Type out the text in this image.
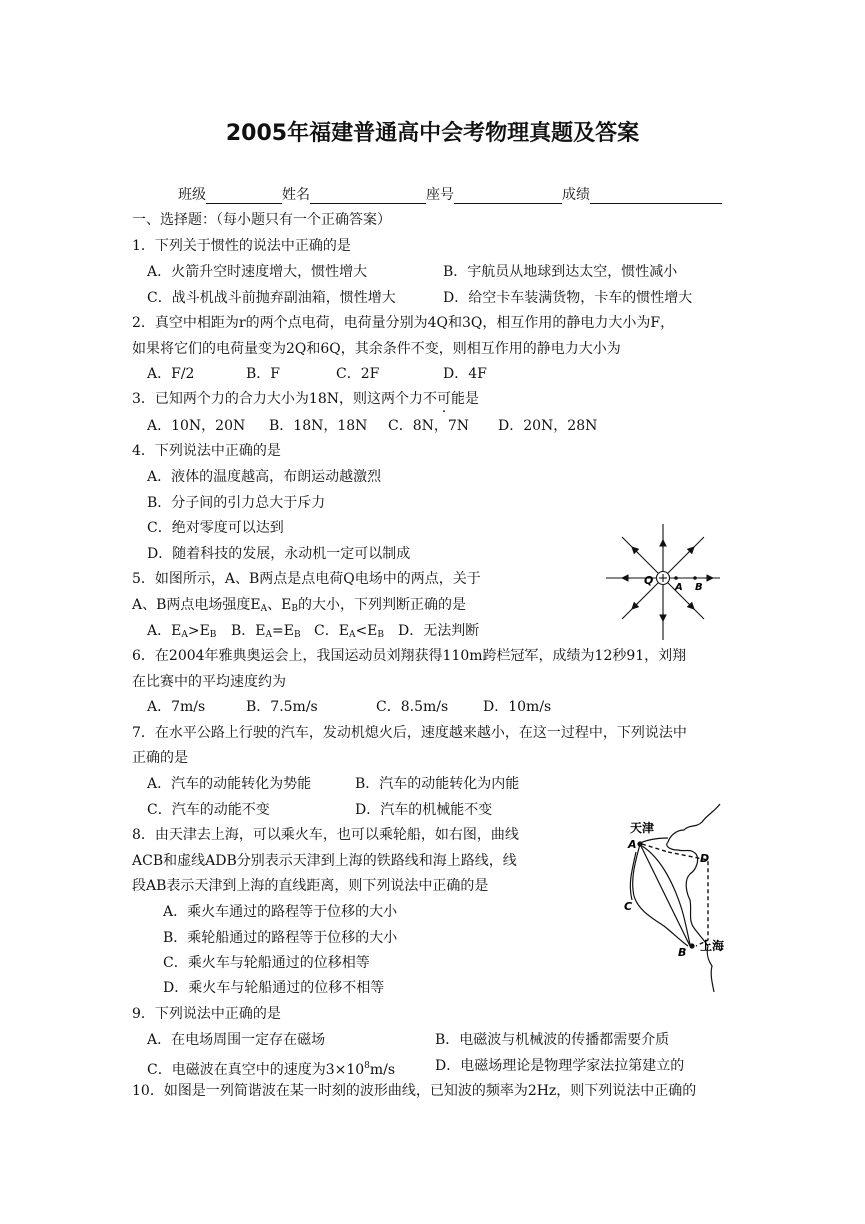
2005年福建普通高中会考物理真题及答案
班级	姓名	座号	成绩
一、选择题：（每小题只有一个正确答案）
1．下列关于惯性的说法中正确的是
A．火箭升空时速度增大，惯性增大	B．宇航员从地球到达太空，惯性减小
C．战斗机战斗前抛弃副油箱，惯性增大	D．给空卡车装满货物，卡车的惯性增大
2．真空中相距为r的两个点电荷，电荷量分别为4Q和3Q，相互作用的静电力大小为F，
如果将它们的电荷量变为2Q和6Q，其余条件不变，则相互作用的静电力大小为
A．F/2	B．F	C．2F	D．4F
3．已知两个力的合力大小为18N，则这两个力不可能是
A．10N，20N B．18N，18N C．8N，7N D．20N，28N
4．下列说法中正确的是
A．液体的温度越高，布朗运动越激烈
B．分子间的引力总大于斥力
C．绝对零度可以达到
D．随着科技的发展，永动机一定可以制成
5．如图所示，A、B两点是点电荷Q电场中的两点，关于
A、B两点电场强度$E_A$、$E_B$的大小，下列判断正确的是
A．$E_A>E_B$ B．$E_A=E_B$ C．$E_A<E_B$ D．无法判断
Q
A B
6．在2004年雅典奥运会上，我国运动员刘翔获得110m跨栏冠军，成绩为12秒91，刘翔
在比赛中的平均速度约为
A．7m/s	B．7.5m/s	C．8.5m/s D．10m/s
7．在水平公路上行驶的汽车，发动机熄火后，速度越来越小，在这一过程中，下列说法中
正确的是
A．汽车的动能转化为势能	B．汽车的动能转化为内能
C．汽车的动能不变	D．汽车的机械能不变
8．由天津去上海，可以乘火车，也可以乘轮船，如右图，曲线
ACB和虚线ADB分别表示天津到上海的铁路线和海上路线，线
段AB表示天津到上海的直线距离，则下列说法中正确的是
A．乘火车通过的路程等于位移的大小
B．乘轮船通过的路程等于位移的大小
C．乘火车与轮船通过的位移相等
D．乘火车与轮船通过的位移不相等
天津
A
D
C
B 上海
9．下列说法中正确的是
A．在电场周围一定存在磁场	B．电磁波与机械波的传播都需要介质
C．电磁波在真空中的速度为$3\times 10^8m/s$	D．电磁场理论是物理学家法拉第建立的
10．如图是一列简谐波在某一时刻的波形曲线，已知波的频率为2Hz，则下列说法中正确的
